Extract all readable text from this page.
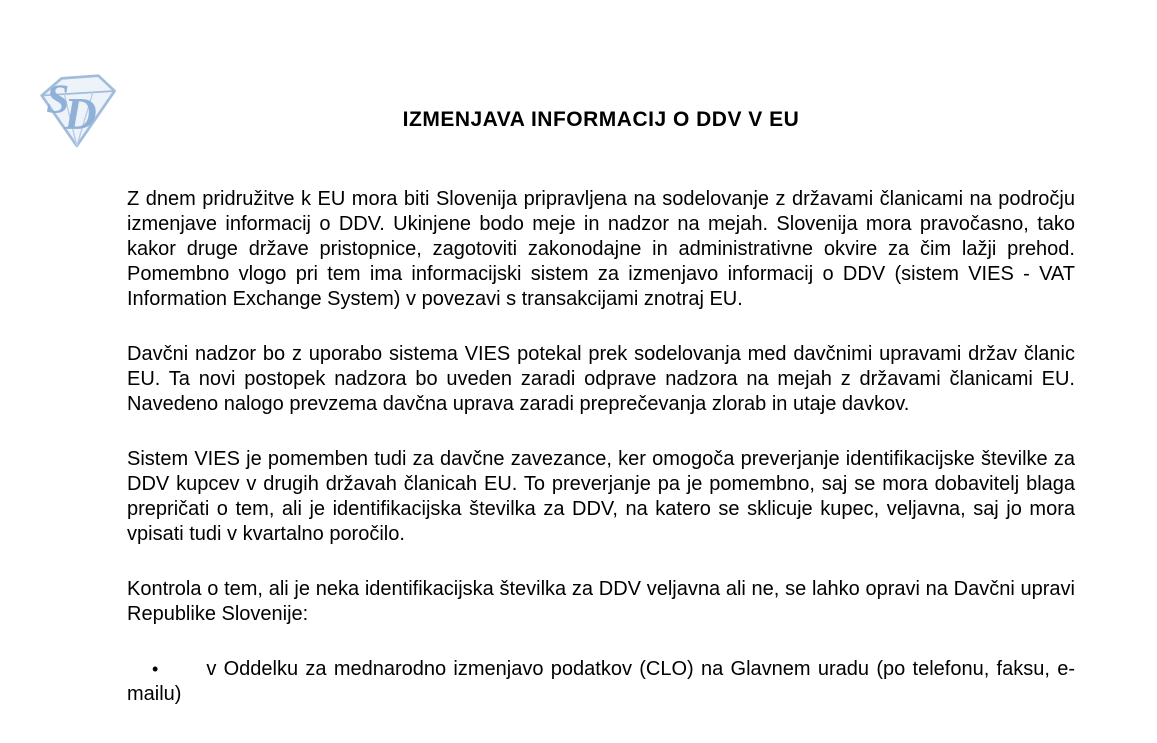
S
D	IZMENJAVA INFORMACIJ O DDV V EU

Z dnem pridružitve k EU mora biti Slovenija pripravljena na sodelovanje z državami članicami na področju izmenjave informacij o DDV. Ukinjene bodo meje in nadzor na mejah. Slovenija mora pravočasno, tako kakor druge države pristopnice, zagotoviti zakonodajne in administrativne okvire za čim lažji prehod. Pomembno vlogo pri tem ima informacijski sistem za izmenjavo informacij o DDV (sistem VIES - VAT Information Exchange System) v povezavi s transakcijami znotraj EU.

Davčni nadzor bo z uporabo sistema VIES potekal prek sodelovanja med davčnimi upravami držav članic EU. Ta novi postopek nadzora bo uveden zaradi odprave nadzora na mejah z državami članicami EU. Navedeno nalogo prevzema davčna uprava zaradi preprečevanja zlorab in utaje davkov.

Sistem VIES je pomemben tudi za davčne zavezance, ker omogoča preverjanje identifikacijske številke za DDV kupcev v drugih državah članicah EU. To preverjanje pa je pomembno, saj se mora dobavitelj blaga prepričati o tem, ali je identifikacijska številka za DDV, na katero se sklicuje kupec, veljavna, saj jo mora vpisati tudi v kvartalno poročilo.

Kontrola o tem, ali je neka identifikacijska številka za DDV veljavna ali ne, se lahko opravi na Davčni upravi Republike Slovenije:

• v Oddelku za mednarodno izmenjavo podatkov (CLO) na Glavnem uradu (po telefonu, faksu, e-mailu)
